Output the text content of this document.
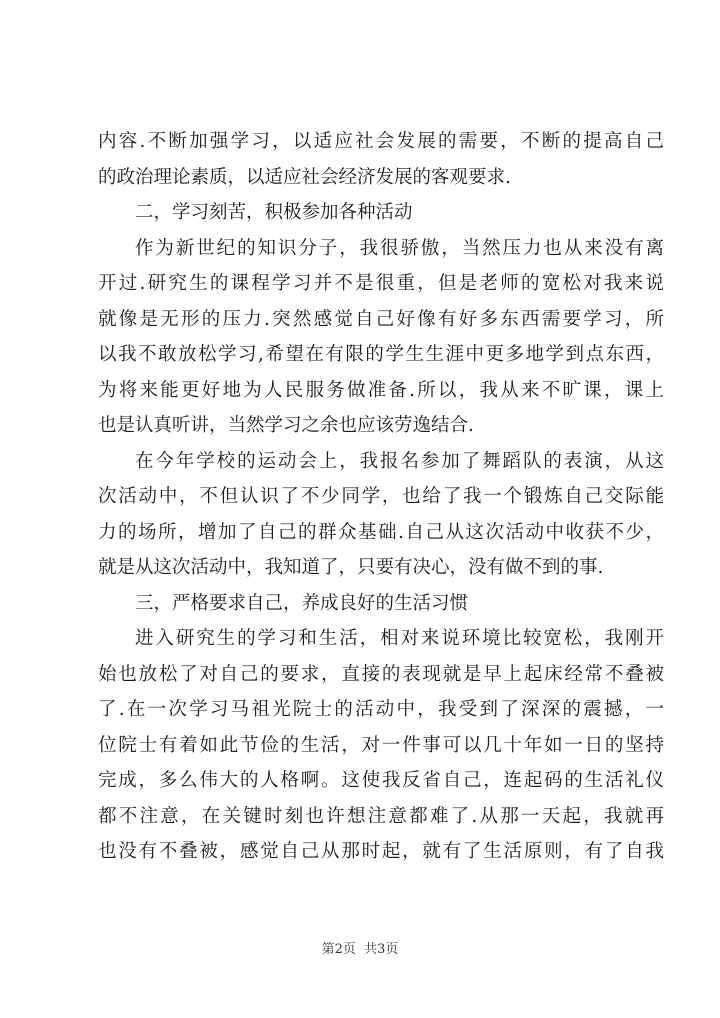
内容.不断加强学习，以适应社会发展的需要，不断的提高自己
的政治理论素质，以适应社会经济发展的客观要求.
二，学习刻苦，积极参加各种活动
作为新世纪的知识分子，我很骄傲，当然压力也从来没有离
开过.研究生的课程学习并不是很重，但是老师的宽松对我来说
就像是无形的压力.突然感觉自己好像有好多东西需要学习，所
以我不敢放松学习,希望在有限的学生生涯中更多地学到点东西，
为将来能更好地为人民服务做准备.所以，我从来不旷课，课上
也是认真听讲，当然学习之余也应该劳逸结合.
在今年学校的运动会上，我报名参加了舞蹈队的表演，从这
次活动中，不但认识了不少同学，也给了我一个锻炼自己交际能
力的场所，增加了自己的群众基础.自己从这次活动中收获不少，
就是从这次活动中，我知道了，只要有决心，没有做不到的事.
三，严格要求自己，养成良好的生活习惯
进入研究生的学习和生活，相对来说环境比较宽松，我刚开
始也放松了对自己的要求，直接的表现就是早上起床经常不叠被
了.在一次学习马祖光院士的活动中，我受到了深深的震撼，一
位院士有着如此节俭的生活，对一件事可以几十年如一日的坚持
完成，多么伟大的人格啊。这使我反省自己，连起码的生活礼仪
都不注意，在关键时刻也许想注意都难了.从那一天起，我就再
也没有不叠被，感觉自己从那时起，就有了生活原则，有了自我
第2页 共3页
